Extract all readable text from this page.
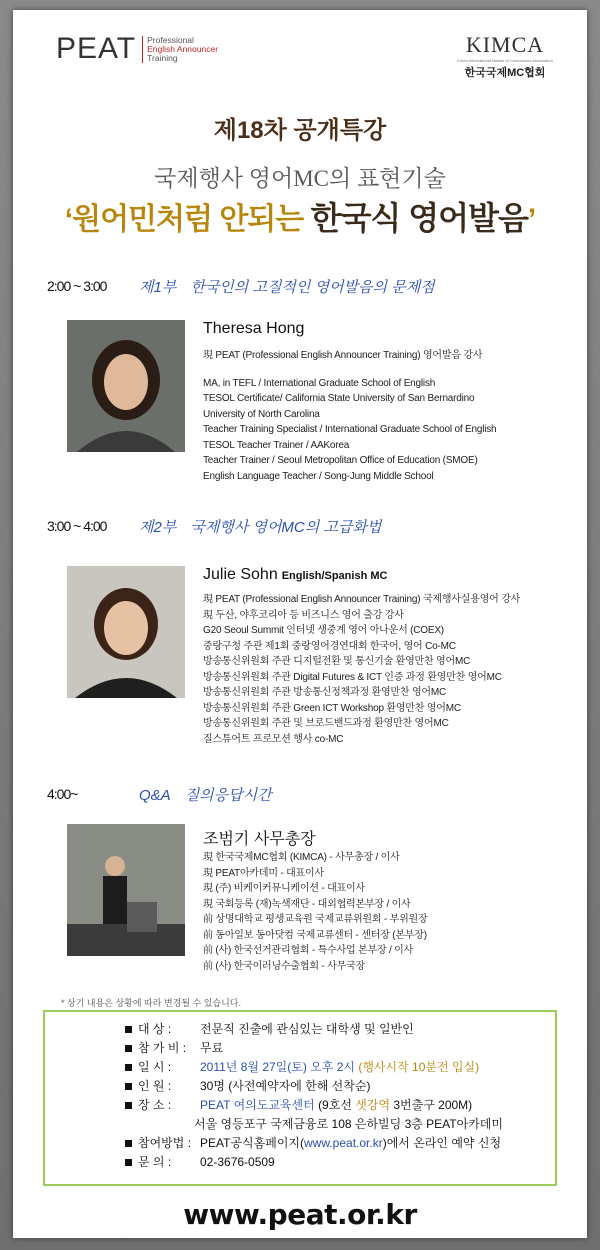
PEAT Professional
English Announcer
Training
KIMCA
Korea International Master of Ceremonies Association
한국국제MC협회
제18차 공개특강
국제행사 영어MC의 표현기술
‘원어민처럼 안되는 한국식 영어발음’
2:00 ~ 3:00 제1부 한국인의 고질적인 영어발음의 문제점
Theresa Hong
現 PEAT (Professional English Announcer Training) 영어발음 강사
MA, in TEFL / International Graduate School of English
TESOL Certificate/ California State University of San Bernardino
University of North Carolina
Teacher Training Specialist / International Graduate School of English
TESOL Teacher Trainer / AAKorea
Teacher Trainer / Seoul Metropolitan Office of Education (SMOE)
English Language Teacher / Song-Jung Middle School
3:00 ~ 4:00 제2부 국제행사 영어MC의 고급화법
Julie Sohn English/Spanish MC
現 PEAT (Professional English Announcer Training) 국제행사실용영어 강사
現 두산, 야후코리아 등 비즈니스 영어 출강 강사
G20 Seoul Summit 인터넷 생중계 영어 아나운서 (COEX)
중랑구청 주관 제1회 중랑영어경연대회 한국어, 영어 Co-MC
방송통신위원회 주관 디지털전환 및 통신기술 환영만찬 영어MC
방송통신위원회 주관 Digital Futures & ICT 인증 과정 환영만찬 영어MC
방송통신위원회 주관 방송통신정책과정 환영만찬 영어MC
방송통신위원회 주관 Green ICT Workshop 환영만찬 영어MC
방송통신위원회 주관 및 브로드밴드과정 환영만찬 영어MC
질스튜어트 프로모션 행사 co-MC
4:00~	Q&A 질의응답시간
조범기 사무총장
現 한국국제MC협회 (KIMCA) - 사무총장 / 이사
現 PEAT아카데미 - 대표이사
現 (주) 비케이커뮤니케이션 - 대표이사
現 국회등록 (재)녹색재단 - 대외협력본부장 / 이사
前 상명대학교 평생교육원 국제교류위원회 - 부위원장
前 동아일보 동아닷컴 국제교류센터 - 센터장 (본부장)
前 (사) 한국선거관리협회 - 특수사업 본부장 / 이사
前 (사) 한국이러닝수출협회 - 사무국장
* 상기 내용은 상황에 따라 변경될 수 있습니다.
대 상 : 전문직 진출에 관심있는 대학생 및 일반인
참 가 비 : 무료
일 시 : 2011년 8월 27일(토) 오후 2시 (행사시작 10분전 입실)
인 원 : 30명 (사전예약자에 한해 선착순)
장 소 : PEAT 여의도교육센터 (9호선 샛강역 3번출구 200M)
서울 영등포구 국제금융로 108 은하빌딩 3층 PEAT아카데미
참여방법 : PEAT공식홈페이지(www.peat.or.kr)에서 온라인 예약 신청
문 의 : 02-3676-0509
www.peat.or.kr
